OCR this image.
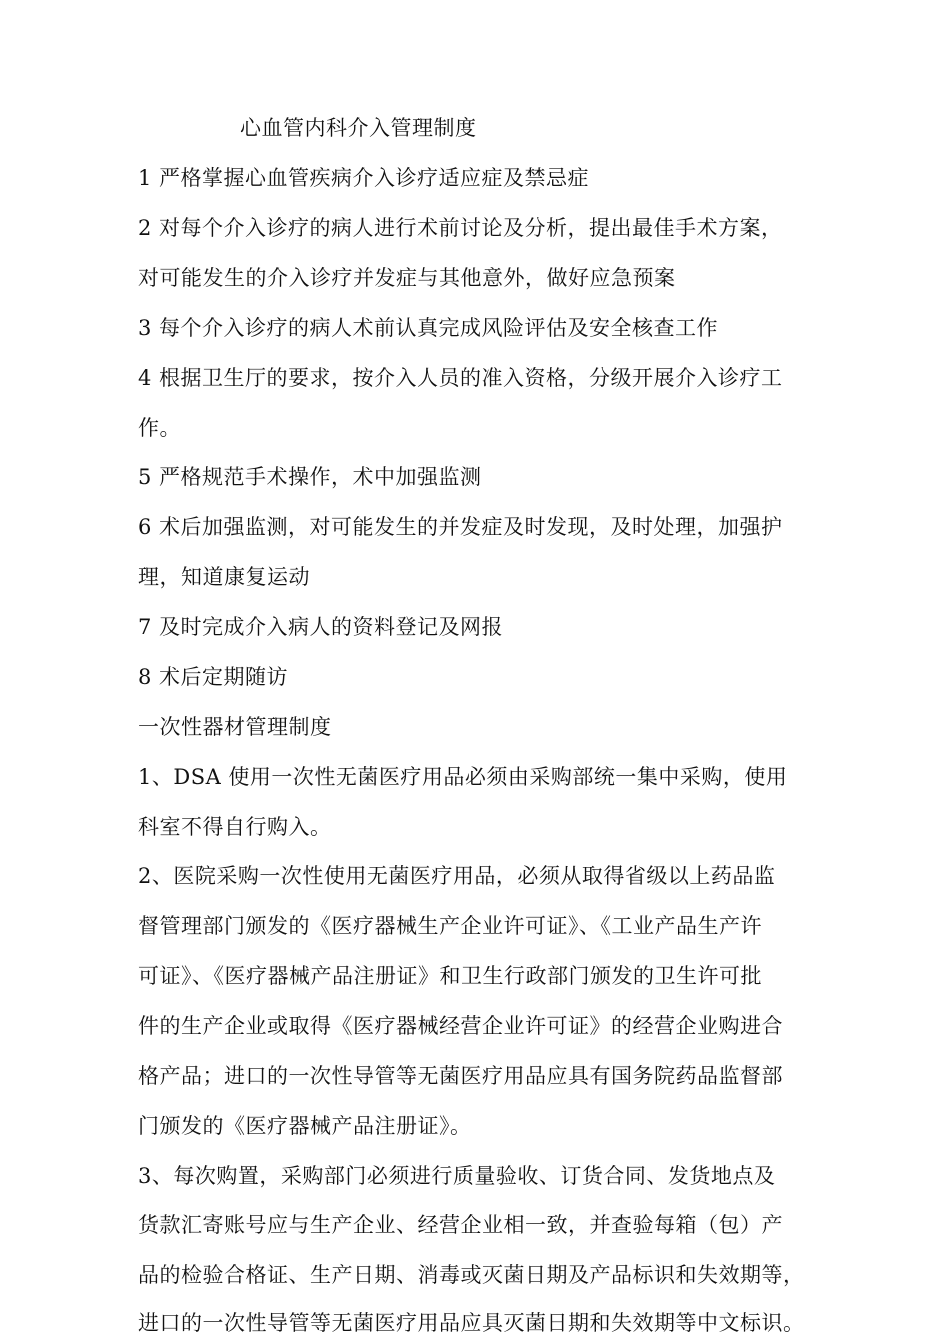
心血管内科介入管理制度
1 严格掌握心血管疾病介入诊疗适应症及禁忌症
2 对每个介入诊疗的病人进行术前讨论及分析，提出最佳手术方案，
对可能发生的介入诊疗并发症与其他意外，做好应急预案
3 每个介入诊疗的病人术前认真完成风险评估及安全核查工作
4 根据卫生厅的要求，按介入人员的准入资格，分级开展介入诊疗工
作。
5 严格规范手术操作，术中加强监测
6 术后加强监测，对可能发生的并发症及时发现，及时处理，加强护
理，知道康复运动
7 及时完成介入病人的资料登记及网报
8 术后定期随访
一次性器材管理制度
1、DSA 使用一次性无菌医疗用品必须由采购部统一集中采购，使用
科室不得自行购入。
2、医院采购一次性使用无菌医疗用品，必须从取得省级以上药品监
督管理部门颁发的《医疗器械生产企业许可证》、《工业产品生产许
可证》、《医疗器械产品注册证》和卫生行政部门颁发的卫生许可批
件的生产企业或取得《医疗器械经营企业许可证》的经营企业购进合
格产品；进口的一次性导管等无菌医疗用品应具有国务院药品监督部
门颁发的《医疗器械产品注册证》。
3、每次购置，采购部门必须进行质量验收、订货合同、发货地点及
货款汇寄账号应与生产企业、经营企业相一致，并查验每箱（包）产
品的检验合格证、生产日期、消毒或灭菌日期及产品标识和失效期等，
进口的一次性导管等无菌医疗用品应具灭菌日期和失效期等中文标识。
